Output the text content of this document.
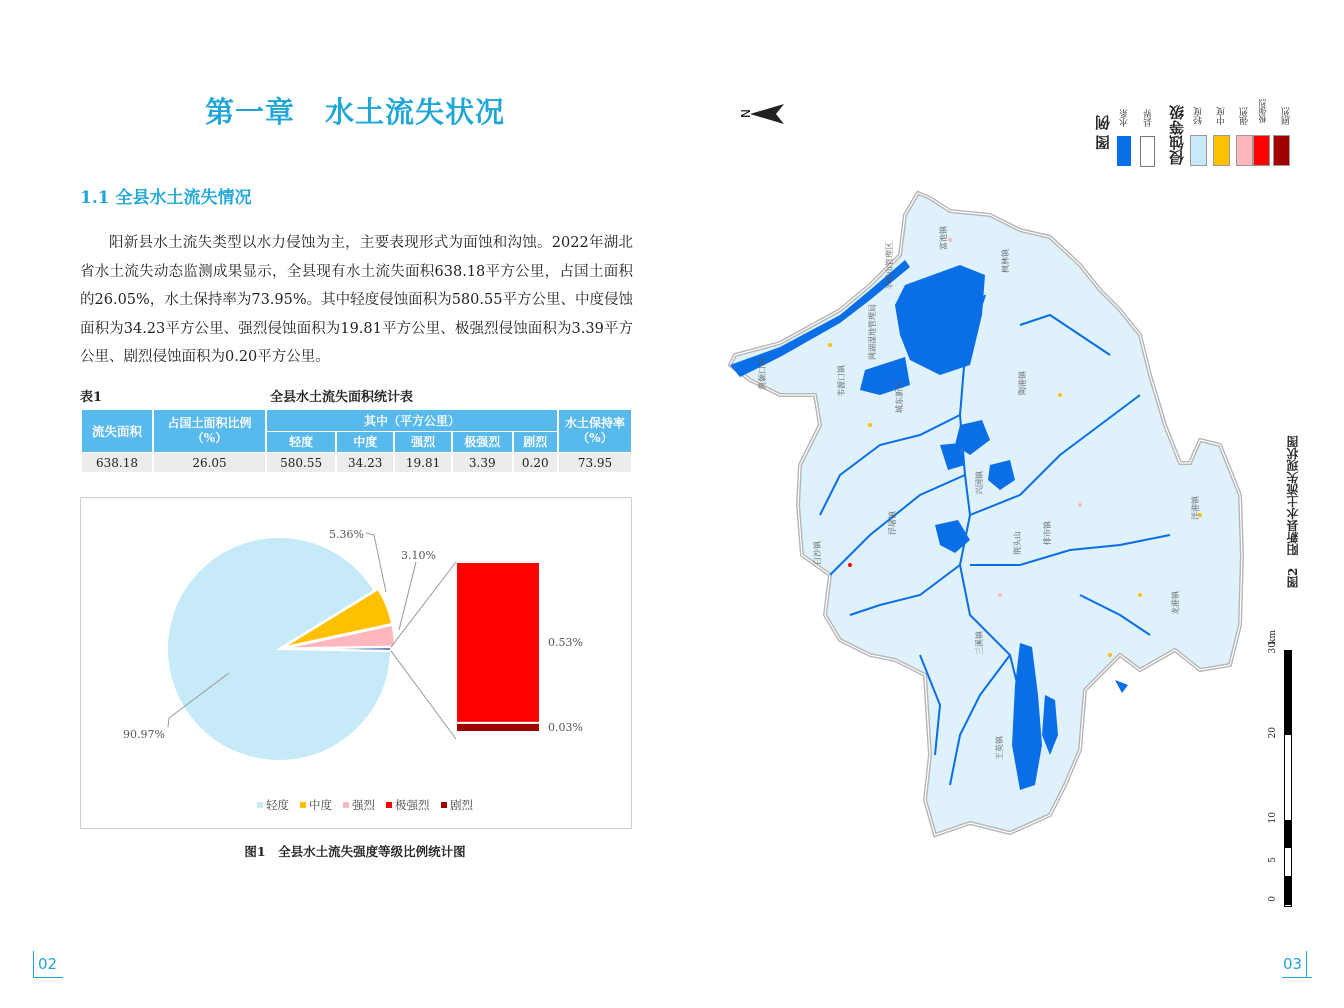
第一章　水土流失状况
1.1 全县水土流失情况
阳新县水土流失类型以水力侵蚀为主，主要表现形式为面蚀和沟蚀。2022年湖北省水土流失动态监测成果显示，全县现有水土流失面积638.18平方公里，占国土面积的26.05%，水土保持率为73.95%。其中轻度侵蚀面积为580.55平方公里、中度侵蚀面积为34.23平方公里、强烈侵蚀面积为19.81平方公里、极强烈侵蚀面积为3.39平方公里、剧烈侵蚀面积为0.20平方公里。
表1	全县水土流失面积统计表
流失面积	占国土面积比例（%）	其中（平方公里）					水土保持率（%）
		轻度	中度	强烈	极强烈	剧烈	
638.18	26.05	580.55	34.23	19.81	3.39	0.20	73.95
90.97%
5.36%
3.10%
0.53%
0.03%
轻度 中度 强烈 极强烈 剧烈
图1　全县水土流失强度等级比例统计图
N
黄颡口镇
富池镇
半壁山管理区
网湖湿地管理局
韦源口镇
枫林镇
陶港镇
城东新区
兴国镇
白沙镇
浮屠镇
洋港镇
排市镇
龙港镇
三溪镇
王英镇
荆头山
图 例 水系 县界 侵蚀等级 轻度 中度 强烈 极强烈 剧烈
图2　阳新县水土流失现状图
0
5
10
20
30
km
02	03
